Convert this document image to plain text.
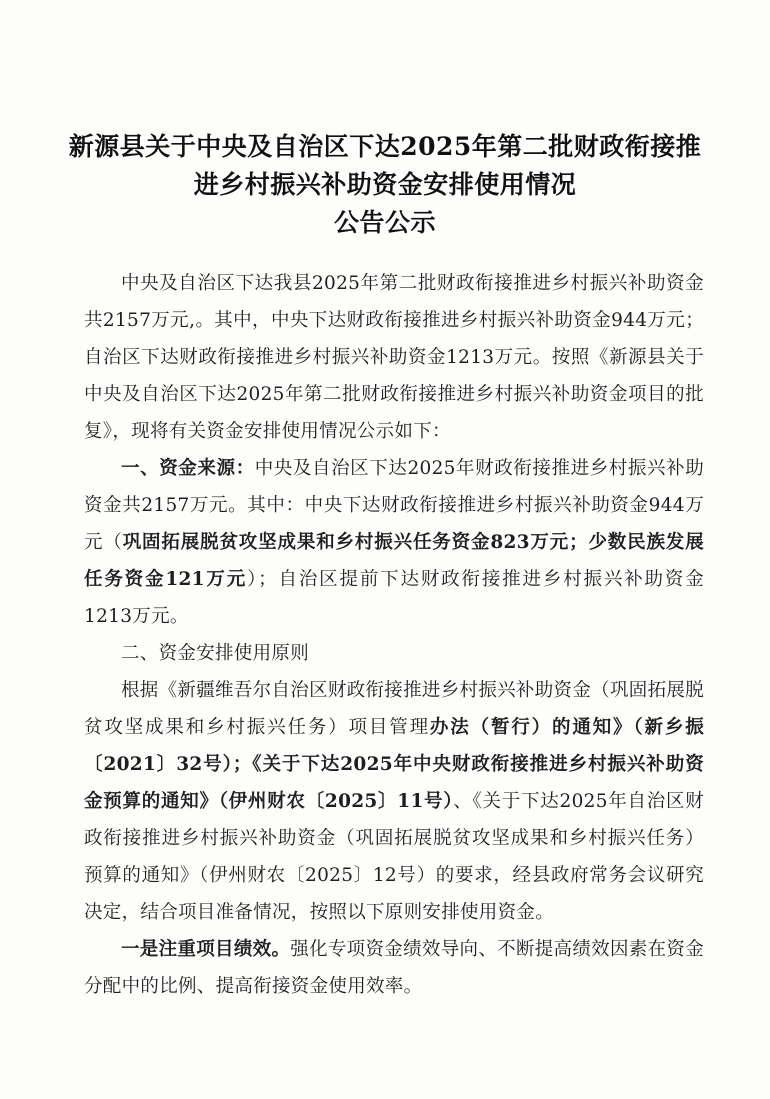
新源县关于中央及自治区下达2025年第二批财政衔接推
进乡村振兴补助资金安排使用情况
公告公示

中央及自治区下达我县2025年第二批财政衔接推进乡村振兴补助资金共2157万元,。其中，中央下达财政衔接推进乡村振兴补助资金944万元；自治区下达财政衔接推进乡村振兴补助资金1213万元。按照《新源县关于中央及自治区下达2025年第二批财政衔接推进乡村振兴补助资金项目的批复》，现将有关资金安排使用情况公示如下：

一、资金来源：中央及自治区下达2025年财政衔接推进乡村振兴补助资金共2157万元。其中：中央下达财政衔接推进乡村振兴补助资金944万元（巩固拓展脱贫攻坚成果和乡村振兴任务资金823万元；少数民族发展任务资金121万元）；自治区提前下达财政衔接推进乡村振兴补助资金1213万元。

二、资金安排使用原则

根据《新疆维吾尔自治区财政衔接推进乡村振兴补助资金（巩固拓展脱贫攻坚成果和乡村振兴任务）项目管理办法（暂行）的通知》（新乡振〔2021〕32号）；《关于下达2025年中央财政衔接推进乡村振兴补助资金预算的通知》（伊州财农〔2025〕11号）、《关于下达2025年自治区财政衔接推进乡村振兴补助资金（巩固拓展脱贫攻坚成果和乡村振兴任务）预算的通知》（伊州财农〔2025〕12号）的要求，经县政府常务会议研究决定，结合项目准备情况，按照以下原则安排使用资金。

一是注重项目绩效。强化专项资金绩效导向、不断提高绩效因素在资金分配中的比例、提高衔接资金使用效率。
